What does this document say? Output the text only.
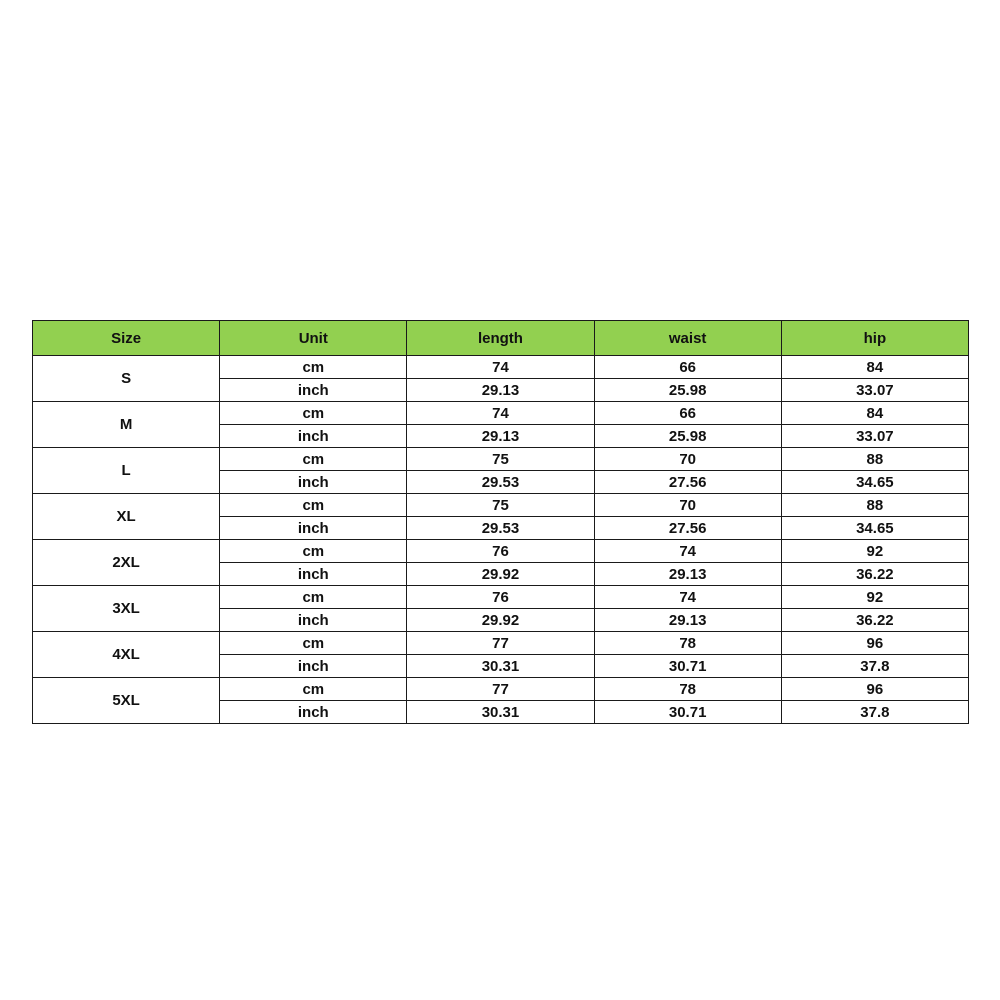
Size	Unit	length	waist	hip
S	cm	74	66	84
	inch	29.13	25.98	33.07
M	cm	74	66	84
	inch	29.13	25.98	33.07
L	cm	75	70	88
	inch	29.53	27.56	34.65
XL	cm	75	70	88
	inch	29.53	27.56	34.65
2XL	cm	76	74	92
	inch	29.92	29.13	36.22
3XL	cm	76	74	92
	inch	29.92	29.13	36.22
4XL	cm	77	78	96
	inch	30.31	30.71	37.8
5XL	cm	77	78	96
	inch	30.31	30.71	37.8
